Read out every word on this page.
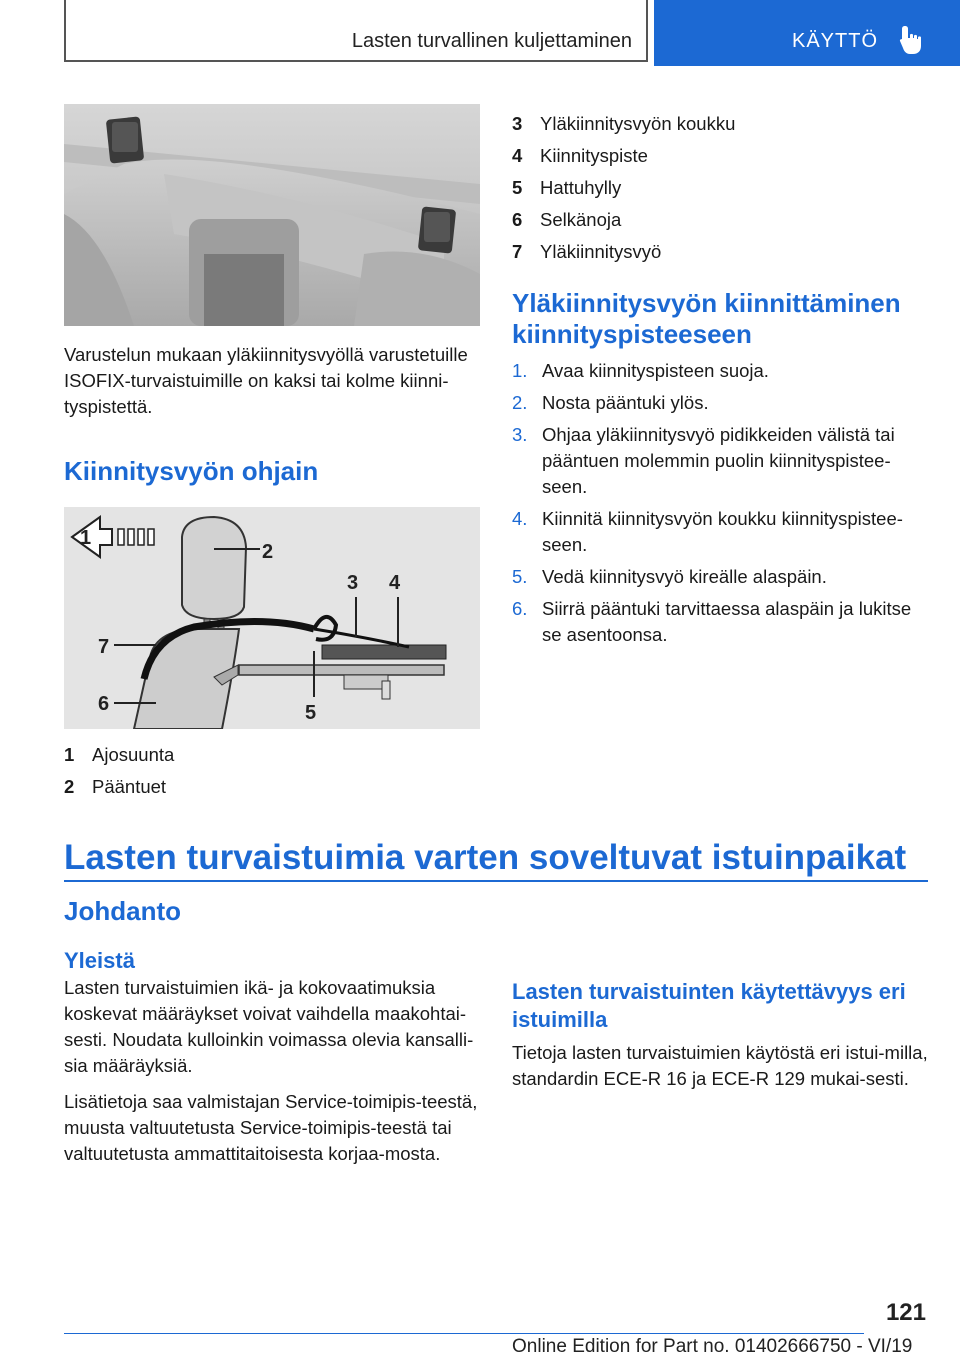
Lasten turvallinen kuljettaminen	KÄYTTÖ

Varustelun mukaan yläkiinnitysvyöllä varustetuille ISOFIX-turvaistuimille on kaksi tai kolme kiinni-tyspistettä.

Kiinnitysvyön ohjain
1
2
3 4
5
6
7
1 Ajosuunta
2 Pääntuet
3 Yläkiinnitysvyön koukku
4 Kiinnityspiste
5 Hattuhylly
6 Selkänoja
7 Yläkiinnitysvyö
Yläkiinnitysvyön kiinnittäminen kiinnityspisteeseen
1. Avaa kiinnityspisteen suoja.
2. Nosta pääntuki ylös.
3. Ohjaa yläkiinnitysvyö pidikkeiden välistä tai pääntuen molemmin puolin kiinnityspistee-seen.
4. Kiinnitä kiinnitysvyön koukku kiinnityspistee-seen.
5. Vedä kiinnitysvyö kireälle alaspäin.
6. Siirrä pääntuki tarvittaessa alaspäin ja lukitse se asentoonsa.
Lasten turvaistuimia varten soveltuvat istuinpaikat
Johdanto
Yleistä

Lasten turvaistuimien ikä- ja kokovaatimuksia koskevat määräykset voivat vaihdella maakohtai-sesti. Noudata kulloinkin voimassa olevia kansalli-sia määräyksiä.

Lisätietoja saa valmistajan Service-toimipis-teestä, muusta valtuutetusta Service-toimipis-teestä tai valtuutetusta ammattitaitoisesta korjaa-mosta.

Lasten turvaistuinten käytettävyys eri istuimilla

Tietoja lasten turvaistuimien käytöstä eri istui-milla, standardin ECE-R 16 ja ECE-R 129 mukai-sesti.

121
Online Edition for Part no. 01402666750 - VI/19
